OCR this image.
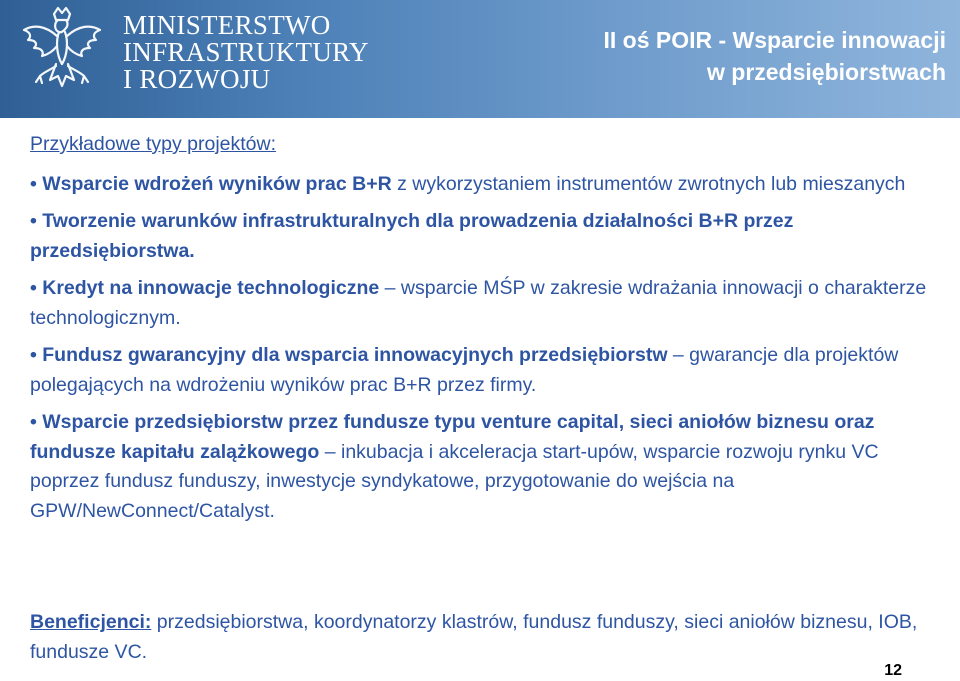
MINISTERSTWO
INFRASTRUKTURY
I ROZWOJU
II oś POIR - Wsparcie innowacji
w przedsiębiorstwach
Przykładowe typy projektów:
• Wsparcie wdrożeń wyników prac B+R z wykorzystaniem instrumentów zwrotnych lub mieszanych
• Tworzenie warunków infrastrukturalnych dla prowadzenia działalności B+R przez przedsiębiorstwa.
• Kredyt na innowacje technologiczne – wsparcie MŚP w zakresie wdrażania innowacji o charakterze technologicznym.
• Fundusz gwarancyjny dla wsparcia innowacyjnych przedsiębiorstw – gwarancje dla projektów polegających na wdrożeniu wyników prac B+R przez firmy.
• Wsparcie przedsiębiorstw przez fundusze typu venture capital, sieci aniołów biznesu oraz fundusze kapitału zalążkowego – inkubacja i akceleracja start-upów, wsparcie rozwoju rynku VC poprzez fundusz funduszy, inwestycje syndykatowe, przygotowanie do wejścia na GPW/NewConnect/Catalyst.
Beneficjenci: przedsiębiorstwa, koordynatorzy klastrów, fundusz funduszy, sieci aniołów biznesu, IOB, fundusze VC.
12
